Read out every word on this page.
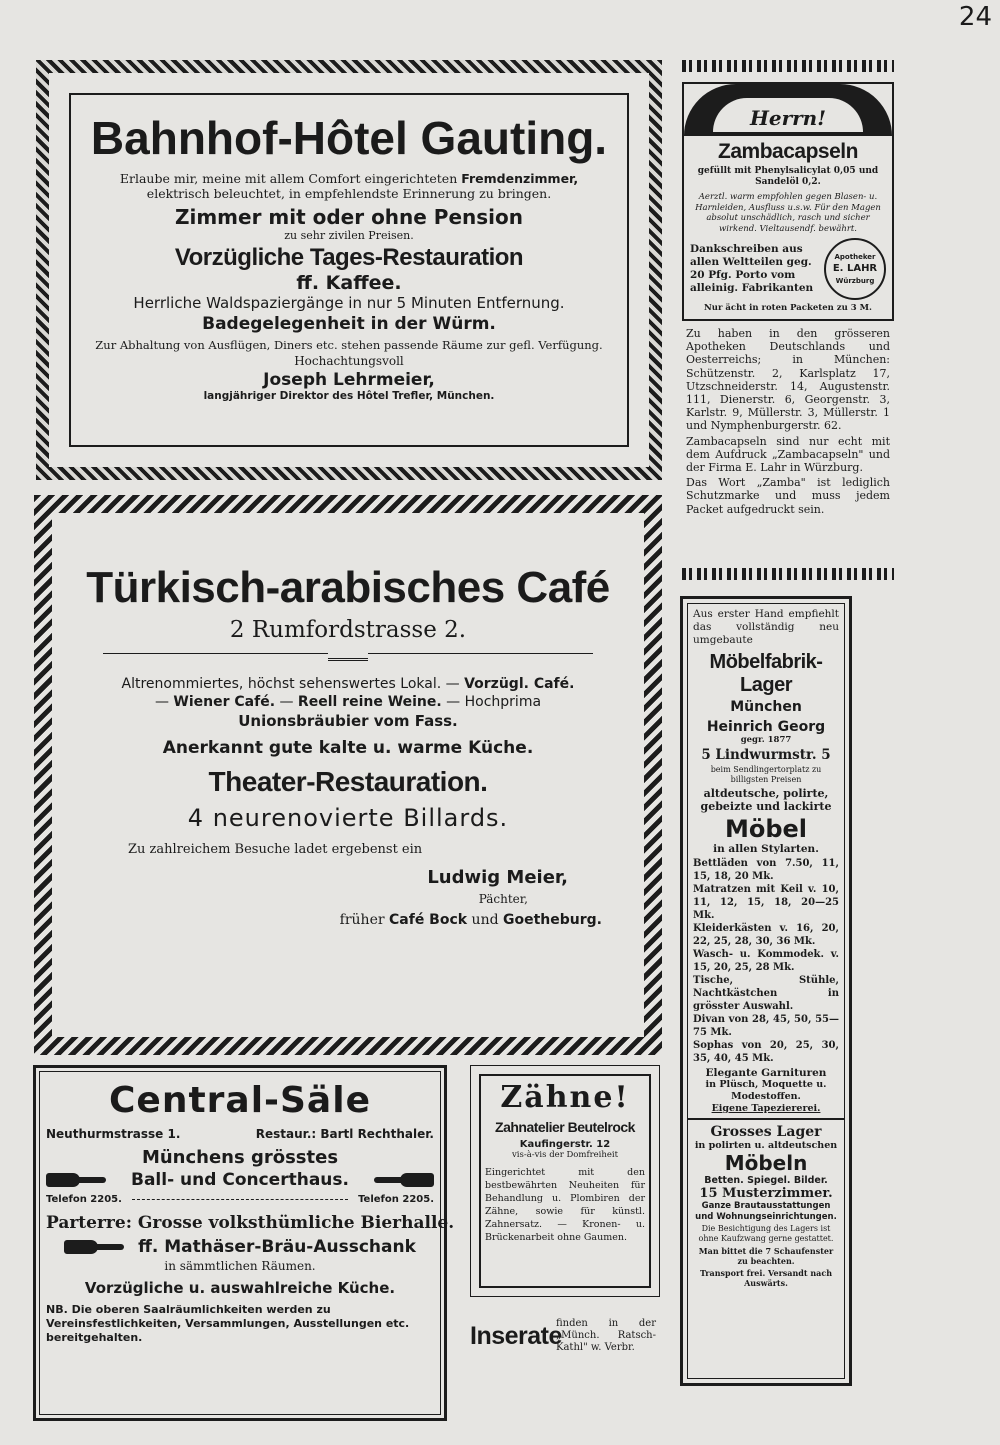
24
Bahnhof-Hôtel Gauting.
Erlaube mir, meine mit allem Comfort eingerichteten Fremdenzimmer,
elektrisch beleuchtet, in empfehlendste Erinnerung zu bringen.
Zimmer mit oder ohne Pension
zu sehr zivilen Preisen.
Vorzügliche Tages-Restauration
ff. Kaffee.
Herrliche Waldspaziergänge in nur 5 Minuten Entfernung.
Badegelegenheit in der Würm.
Zur Abhaltung von Ausflügen, Diners etc. stehen passende Räume zur gefl. Verfügung.
Hochachtungsvoll
Joseph Lehrmeier,
langjähriger Direktor des Hôtel Trefler, München.
Türkisch-arabisches Café
2 Rumfordstrasse 2.
Altrenommiertes, höchst sehenswertes Lokal. — Vorzügl. Café.
— Wiener Café. — Reell reine Weine. — Hochprima
Unionsbräubier vom Fass.
Anerkannt gute kalte u. warme Küche.
Theater-Restauration.
4 neurenovierte Billards.
Zu zahlreichem Besuche ladet ergebenst ein
Ludwig Meier,
Pächter,
früher Café Bock und Goetheburg.
Central-Säle
Neuthurmstrasse 1.	Restaur.: Bartl Rechthaler.
Münchens grösstes
Ball- und Concerthaus.
Telefon 2205.	Telefon 2205.
Parterre: Grosse volksthümliche Bierhalle.
ff. Mathäser-Bräu-Ausschank
in sämmtlichen Räumen.
Vorzügliche u. auswahlreiche Küche.
NB. Die oberen Saalräumlichkeiten werden zu Vereinsfestlichkeiten, Versammlungen, Ausstellungen etc. bereitgehalten.
Zähne!
Zahnatelier Beutelrock
Kaufingerstr. 12
vis-à-vis der Domfreiheit
Eingerichtet mit den bestbewährten Neuheiten für Behandlung u. Plombiren der Zähne, sowie für künstl. Zahnersatz. — Kronen- u. Brückenarbeit ohne Gaumen.
Inserate
finden in der „Münch. Ratsch-Kathl" w. Verbr.
Herrn!
Zambacapseln
gefüllt mit Phenylsalicylat 0,05 und Sandelöl 0,2.
Aerztl. warm empfohlen gegen Blasen- u. Harnleiden, Ausfluss u.s.w. Für den Magen absolut unschädlich, rasch und sicher wirkend. Vieltausendf. bewährt.
Dankschreiben aus allen Weltteilen geg. 20 Pfg. Porto vom alleinig. Fabrikanten
Apotheker
E. LAHR
Würzburg
Nur ächt in roten Packeten zu 3 M.
Zu haben in den grösseren Apotheken Deutschlands und Oesterreichs; in München: Schützenstr. 2, Karlsplatz 17, Utzschneiderstr. 14, Augustenstr. 111, Dienerstr. 6, Georgenstr. 3, Karlstr. 9, Müllerstr. 3, Müllerstr. 1 und Nymphenburgerstr. 62.
Zambacapseln sind nur echt mit dem Aufdruck „Zambacapseln" und der Firma E. Lahr in Würzburg.
Das Wort „Zamba" ist lediglich Schutzmarke und muss jedem Packet aufgedruckt sein.
Aus erster Hand empfiehlt das vollständig neu umgebaute
Möbelfabrik-
Lager
München
Heinrich Georg
gegr. 1877
5 Lindwurmstr. 5
beim Sendlingertorplatz zu billigsten Preisen
altdeutsche, polirte, gebeizte und lackirte
Möbel
in allen Stylarten.
Bettläden von 7.50, 11, 15, 18, 20 Mk.
Matratzen mit Keil v. 10, 11, 12, 15, 18, 20—25 Mk.
Kleiderkästen v. 16, 20, 22, 25, 28, 30, 36 Mk.
Wasch- u. Kommodek. v. 15, 20, 25, 28 Mk.
Tische, Stühle, Nachtkästchen in grösster Auswahl.
Divan von 28, 45, 50, 55—75 Mk.
Sophas von 20, 25, 30, 35, 40, 45 Mk.
Elegante Garnituren
in Plüsch, Moquette u. Modestoffen.
Eigene Tapeziererei.
Grosses Lager
in polirten u. altdeutschen
Möbeln
Betten. Spiegel. Bilder.
15 Musterzimmer.
Ganze Brautausstattungen und Wohnungseinrichtungen.
Die Besichtigung des Lagers ist ohne Kaufzwang gerne gestattet.
Man bittet die 7 Schaufenster zu beachten.
Transport frei. Versandt nach Auswärts.
